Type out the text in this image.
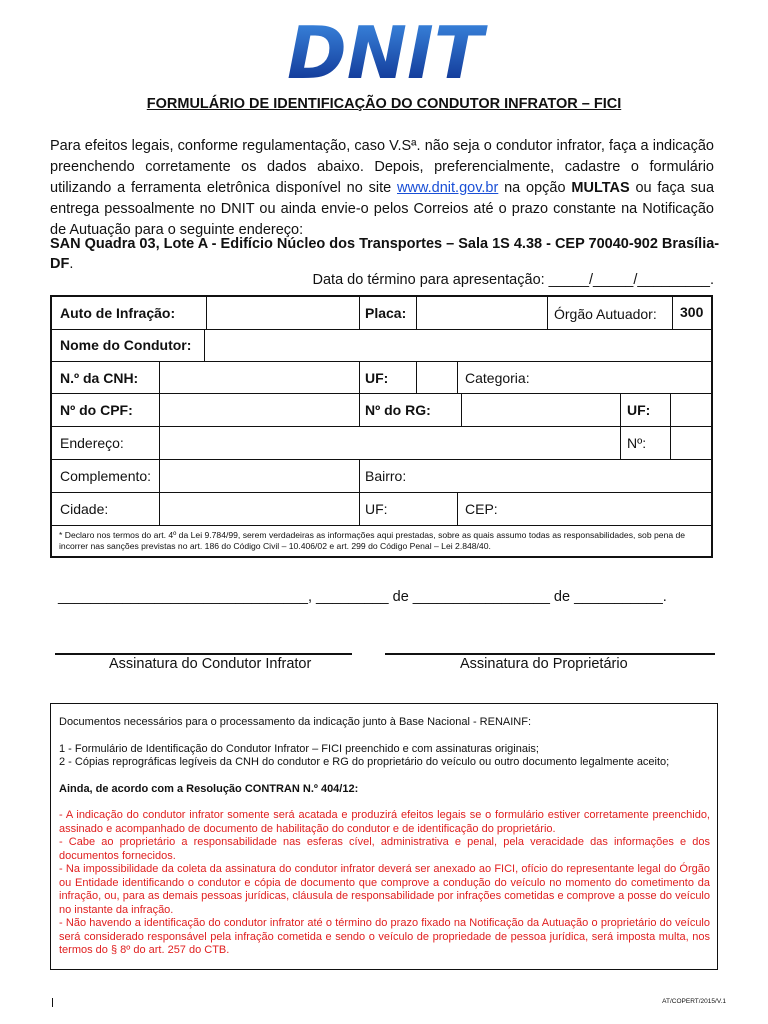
DNIT
FORMULÁRIO DE IDENTIFICAÇÃO DO CONDUTOR INFRATOR – FICI
Para efeitos legais, conforme regulamentação, caso V.Sª. não seja o condutor infrator, faça a indicação preenchendo corretamente os dados abaixo. Depois, preferencialmente, cadastre o formulário utilizando a ferramenta eletrônica disponível no site www.dnit.gov.br na opção MULTAS ou faça sua entrega pessoalmente no DNIT ou ainda envie-o pelos Correios até o prazo constante na Notificação de Autuação para o seguinte endereço:
SAN Quadra 03, Lote A - Edifício Núcleo dos Transportes – Sala 1S 4.38 - CEP 70040-902 Brasília-DF.
Data do término para apresentação: _____/_____/_________.
Auto de Infração:	Placa:	Órgão Autuador: 300
Nome do Condutor:
N.º da CNH:	UF:	Categoria:
Nº do CPF:	Nº do RG:	UF:
Endereço:	Nº:
Complemento:	Bairro:
Cidade:	UF:	CEP:
* Declaro nos termos do art. 4º da Lei 9.784/99, serem verdadeiras as informações aqui prestadas, sobre as quais assumo todas as responsabilidades, sob pena de incorrer nas sanções previstas no art. 186 do Código Civil – 10.406/02 e art. 299 do Código Penal – Lei 2.848/40.
_______________________________, _________ de _________________ de ___________.
Assinatura do Condutor Infrator	Assinatura do Proprietário

Documentos necessários para o processamento da indicação junto à Base Nacional - RENAINF:

1 - Formulário de Identificação do Condutor Infrator – FICI preenchido e com assinaturas originais;

2 - Cópias reprográficas legíveis da CNH do condutor e RG do proprietário do veículo ou outro documento legalmente aceito;

Ainda, de acordo com a Resolução CONTRAN N.º 404/12:

- A indicação do condutor infrator somente será acatada e produzirá efeitos legais se o formulário estiver corretamente preenchido, assinado e acompanhado de documento de habilitação do condutor e de identificação do proprietário.

- Cabe ao proprietário a responsabilidade nas esferas cível, administrativa e penal, pela veracidade das informações e dos documentos fornecidos.

- Na impossibilidade da coleta da assinatura do condutor infrator deverá ser anexado ao FICI, ofício do representante legal do Órgão ou Entidade identificando o condutor e cópia de documento que comprove a condução do veículo no momento do cometimento da infração, ou, para as demais pessoas jurídicas, cláusula de responsabilidade por infrações cometidas e comprove a posse do veículo no instante da infração.

- Não havendo a identificação do condutor infrator até o término do prazo fixado na Notificação da Autuação o proprietário do veículo será considerado responsável pela infração cometida e sendo o veículo de propriedade de pessoa jurídica, será imposta multa, nos termos do § 8º do art. 257 do CTB.

AT/COPERT/2015/V.1
